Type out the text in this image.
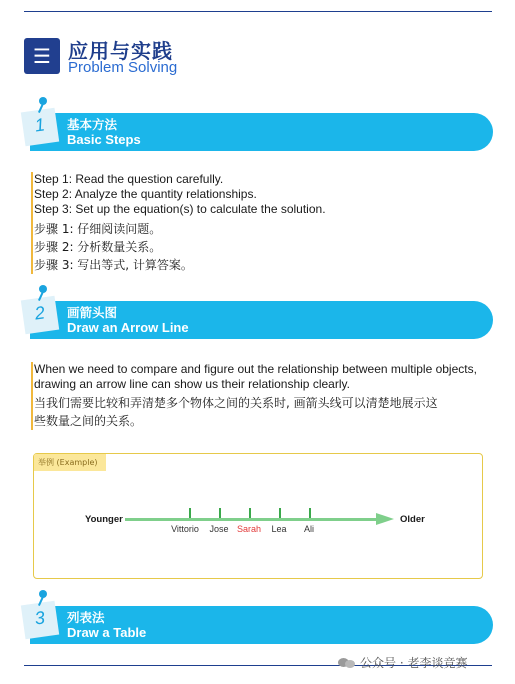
☰ 应用与实践
Problem Solving
基本方法
Basic Steps
1
Step 1: Read the question carefully.
Step 2: Analyze the quantity relationships.
Step 3: Set up the equation(s) to calculate the solution.
步骤 1: 仔细阅读问题。
步骤 2: 分析数量关系。
步骤 3: 写出等式, 计算答案。
画箭头图
Draw an Arrow Line
2
When we need to compare and figure out the relationship between multiple objects,
drawing an arrow line can show us their relationship clearly.
当我们需要比较和弄清楚多个物体之间的关系时, 画箭头线可以清楚地展示这
些数量之间的关系。
举例 (Example)
Younger	Older
Vittorio Jose Sarah Lea Ali
列表法
Draw a Table
3
公众号 · 老李谈竞赛
